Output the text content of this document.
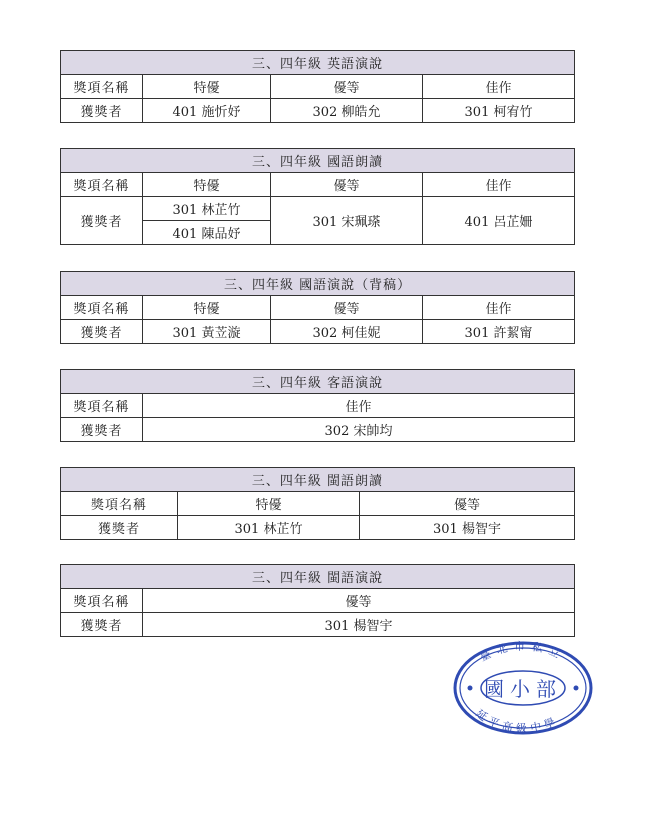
三、四年級 英語演說			
獎項名稱	特優	優等	佳作
獲獎者	401 施忻妤	302 柳皓允	301 柯宥竹
三、四年級 國語朗讀			
獎項名稱	特優	優等	佳作
獲獎者	301 林芷竹	301 宋珮瑹	401 呂芷姍
	401 陳品妤		
三、四年級 國語演說（背稿）			
獎項名稱	特優	優等	佳作
獲獎者	301 黃苙漩	302 柯佳妮	301 許絜甯
三、四年級 客語演說	
獎項名稱	佳作
獲獎者	302 宋帥均
三、四年級 閩語朗讀		
獎項名稱	特優	優等
獲獎者	301 林芷竹	301 楊智宇
三、四年級 閩語演說	
獎項名稱	優等
獲獎者	301 楊智宇
臺北市私立
延平高級中學
國小部
